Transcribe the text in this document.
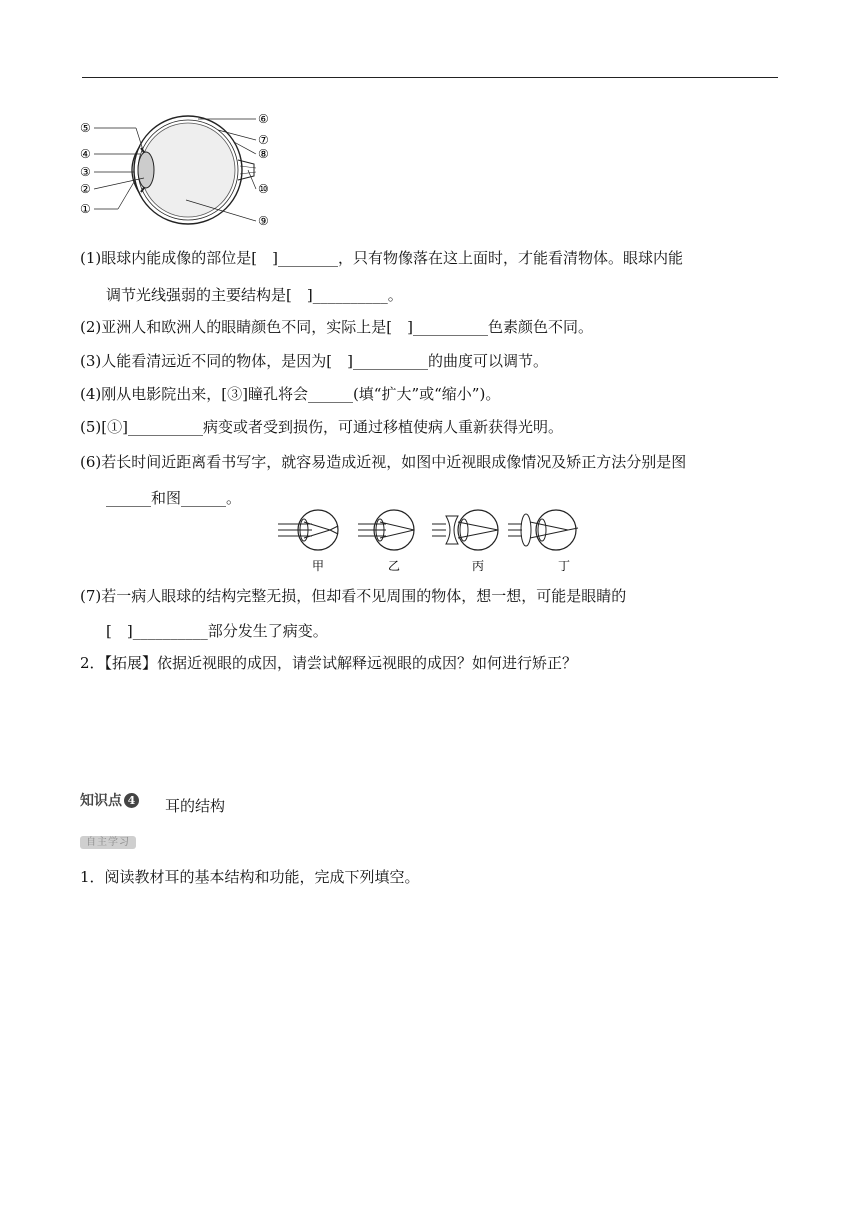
⑤
④
③
②
①
⑥
⑦
⑧
⑩
⑨
(1)眼球内能成像的部位是[　]________，只有物像落在这上面时，才能看清物体。眼球内能
调节光线强弱的主要结构是[　]__________。
(2)亚洲人和欧洲人的眼睛颜色不同，实际上是[　]__________色素颜色不同。
(3)人能看清远近不同的物体，是因为[　]__________的曲度可以调节。
(4)刚从电影院出来，[③]瞳孔将会______(填“扩大”或“缩小”)。
(5)[①]__________病变或者受到损伤，可通过移植使病人重新获得光明。
(6)若长时间近距离看书写字，就容易造成近视，如图中近视眼成像情况及矫正方法分别是图
______和图______。
甲	乙	丙	丁
(7)若一病人眼球的结构完整无损，但却看不见周围的物体，想一想，可能是眼睛的
[　]__________部分发生了病变。
2．【拓展】依据近视眼的成因，请尝试解释远视眼的成因？如何进行矫正？
知识点 4 耳的结构
自主学习
1．阅读教材耳的基本结构和功能，完成下列填空。
